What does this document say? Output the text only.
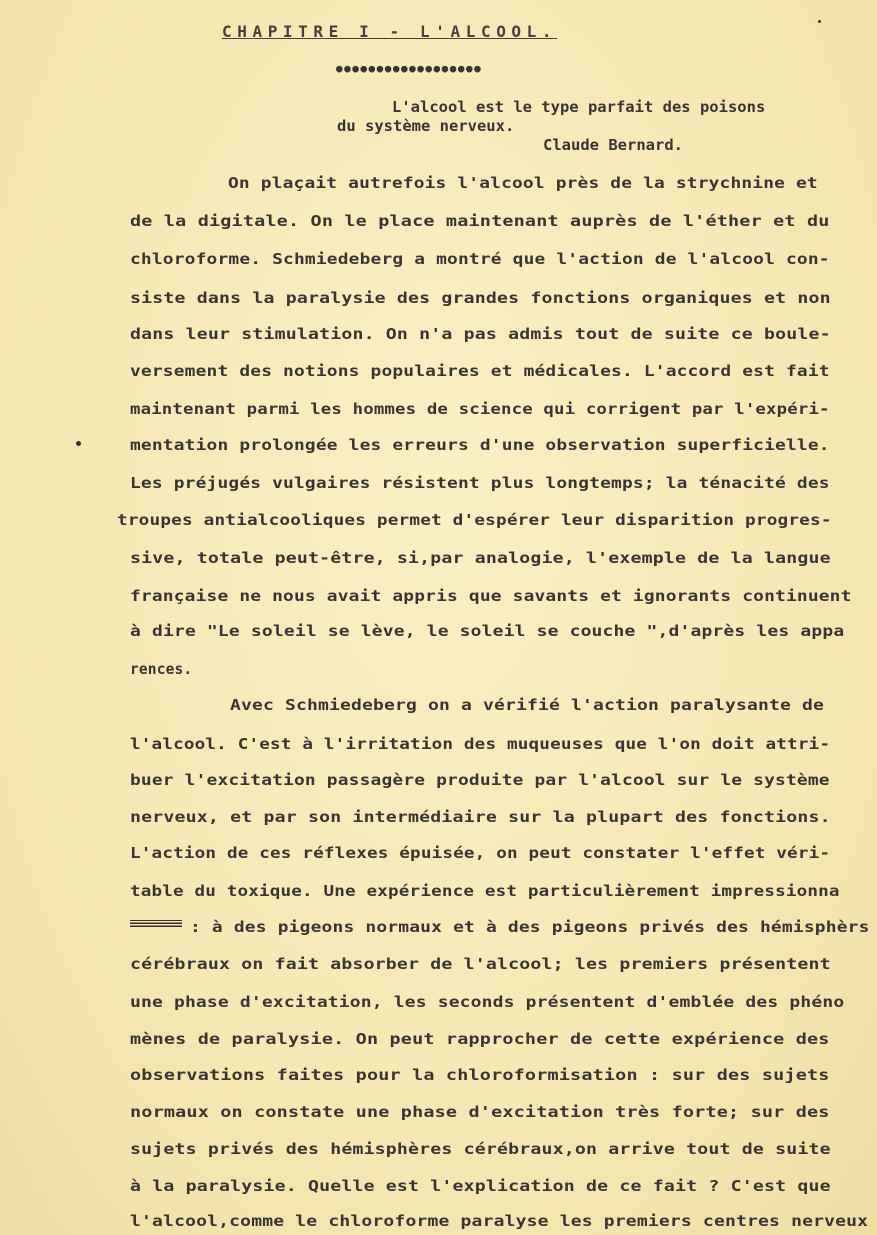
CHAPITRE I - L'ALCOOL.
●●●●●●●●●●●●●●●●●●
L'alcool est le type parfait des poisons
du système nerveux.
Claude Bernard.
On plaçait autrefois l'alcool près de la strychnine et
de la digitale. On le place maintenant auprès de l'éther et du
chloroforme. Schmiedeberg a montré que l'action de l'alcool con-
siste dans la paralysie des grandes fonctions organiques et non
dans leur stimulation. On n'a pas admis tout de suite ce boule-
versement des notions populaires et médicales. L'accord est fait
maintenant parmi les hommes de science qui corrigent par l'expéri-
mentation prolongée les erreurs d'une observation superficielle.
Les préjugés vulgaires résistent plus longtemps; la ténacité des
troupes antialcooliques permet d'espérer leur disparition progres-
sive, totale peut-être, si,par analogie, l'exemple de la langue
française ne nous avait appris que savants et ignorants continuent
à dire "Le soleil se lève, le soleil se couche ",d'après les appa
rences.
Avec Schmiedeberg on a vérifié l'action paralysante de
l'alcool. C'est à l'irritation des muqueuses que l'on doit attri-
buer l'excitation passagère produite par l'alcool sur le système
nerveux, et par son intermédiaire sur la plupart des fonctions.
L'action de ces réflexes épuisée, on peut constater l'effet véri-
table du toxique. Une expérience est particulièrement impressionna
: à des pigeons normaux et à des pigeons privés des hémisphèrs
cérébraux on fait absorber de l'alcool; les premiers présentent
une phase d'excitation, les seconds présentent d'emblée des phéno
mènes de paralysie. On peut rapprocher de cette expérience des
observations faites pour la chloroformisation : sur des sujets
normaux on constate une phase d'excitation très forte; sur des
sujets privés des hémisphères cérébraux,on arrive tout de suite
à la paralysie. Quelle est l'explication de ce fait ? C'est que
l'alcool,comme le chloroforme paralyse les premiers centres nerveux
